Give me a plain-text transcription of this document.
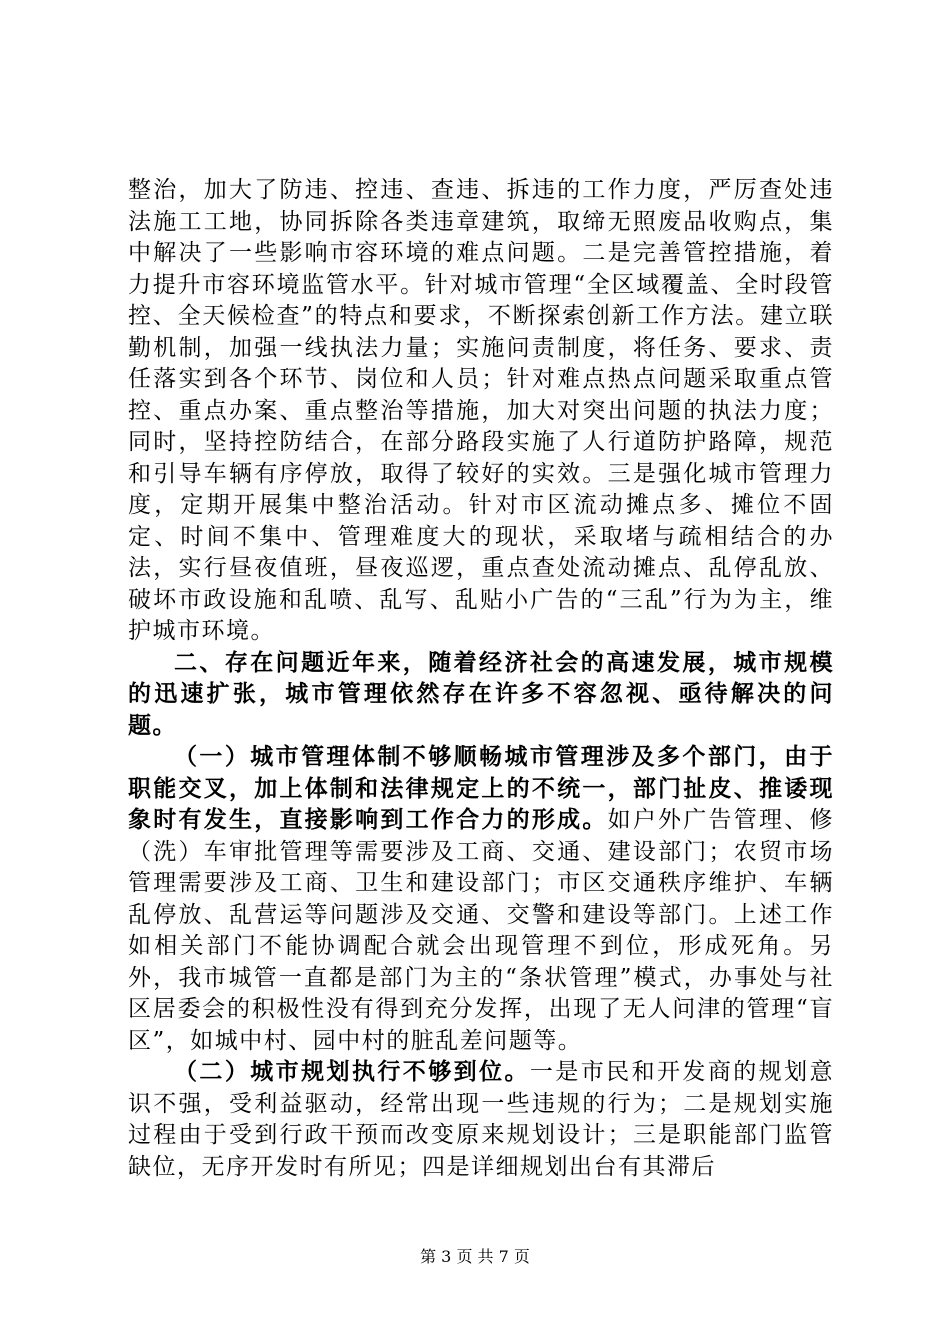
整治，加大了防违、控违、查违、拆违的工作力度，严厉查处违法施工工地，协同拆除各类违章建筑，取缔无照废品收购点，集中解决了一些影响市容环境的难点问题。二是完善管控措施，着力提升市容环境监管水平。针对城市管理“全区域覆盖、全时段管控、全天候检查”的特点和要求，不断探索创新工作方法。建立联勤机制，加强一线执法力量；实施问责制度，将任务、要求、责任落实到各个环节、岗位和人员；针对难点热点问题采取重点管控、重点办案、重点整治等措施，加大对突出问题的执法力度；同时，坚持控防结合，在部分路段实施了人行道防护路障，规范和引导车辆有序停放，取得了较好的实效。三是强化城市管理力度，定期开展集中整治活动。针对市区流动摊点多、摊位不固定、时间不集中、管理难度大的现状，采取堵与疏相结合的办法，实行昼夜值班，昼夜巡逻，重点查处流动摊点、乱停乱放、破坏市政设施和乱喷、乱写、乱贴小广告的“三乱”行为为主，维护城市环境。

二、存在问题近年来，随着经济社会的高速发展，城市规模的迅速扩张，城市管理依然存在许多不容忽视、亟待解决的问题。

（一）城市管理体制不够顺畅城市管理涉及多个部门，由于职能交叉，加上体制和法律规定上的不统一，部门扯皮、推诿现象时有发生，直接影响到工作合力的形成。如户外广告管理、修（洗）车审批管理等需要涉及工商、交通、建设部门；农贸市场管理需要涉及工商、卫生和建设部门；市区交通秩序维护、车辆乱停放、乱营运等问题涉及交通、交警和建设等部门。上述工作如相关部门不能协调配合就会出现管理不到位，形成死角。另外，我市城管一直都是部门为主的“条状管理”模式，办事处与社区居委会的积极性没有得到充分发挥，出现了无人问津的管理“盲区”，如城中村、园中村的脏乱差问题等。

（二）城市规划执行不够到位。一是市民和开发商的规划意识不强，受利益驱动，经常出现一些违规的行为；二是规划实施过程由于受到行政干预而改变原来规划设计；三是职能部门监管缺位，无序开发时有所见；四是详细规划出台有其滞后

第 3 页 共 7 页
